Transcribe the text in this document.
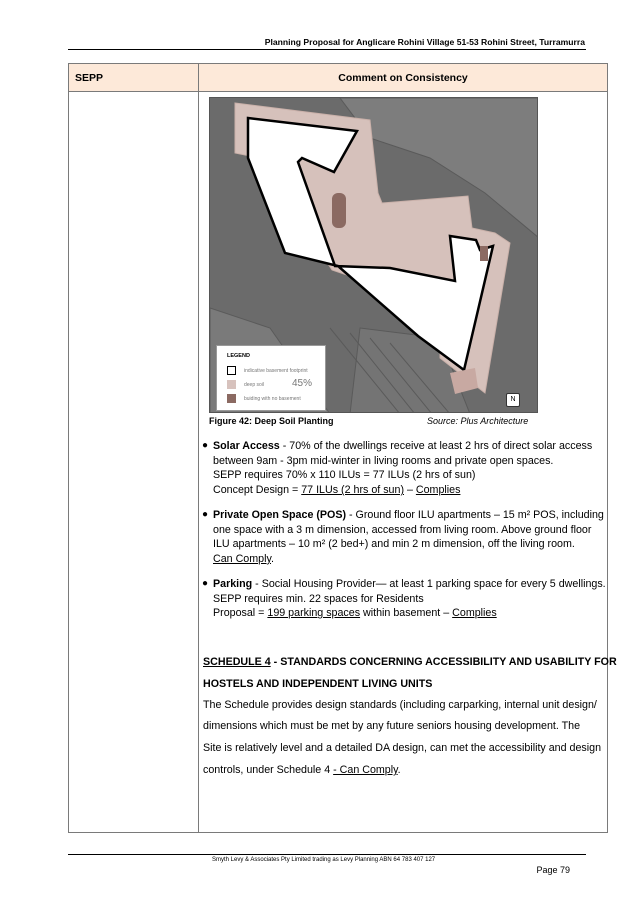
Planning Proposal for Anglicare Rohini Village 51-53 Rohini Street, Turramurra
SEPP	Comment on Consistency
LEGEND
indicative basement footprint
deep soil	45%
buiding with no basement	N
Figure 42: Deep Soil Planting	Source: Plus Architecture
● Solar Access - 70% of the dwellings receive at least 2 hrs of direct solar access
between 9am - 3pm mid-winter in living rooms and private open spaces.
SEPP requires 70% x 110 ILUs = 77 ILUs (2 hrs of sun)
Concept Design = 77 ILUs (2 hrs of sun) – Complies
● Private Open Space (POS) - Ground floor ILU apartments – 15 m² POS, including
one space with a 3 m dimension, accessed from living room. Above ground floor
ILU apartments – 10 m² (2 bed+) and min 2 m dimension, off the living room.
Can Comply.
● Parking - Social Housing Provider— at least 1 parking space for every 5 dwellings.
SEPP requires min. 22 spaces for Residents
Proposal = 199 parking spaces within basement – Complies
SCHEDULE 4 - STANDARDS CONCERNING ACCESSIBILITY AND USABILITY FOR
HOSTELS AND INDEPENDENT LIVING UNITS
The Schedule provides design standards (including carparking, internal unit design/
dimensions which must be met by any future seniors housing development. The
Site is relatively level and a detailed DA design, can met the accessibility and design
controls, under Schedule 4 - Can Comply.
Smyth Levy & Associates Pty Limited trading as Levy Planning ABN 64 783 407 127
Page 79
